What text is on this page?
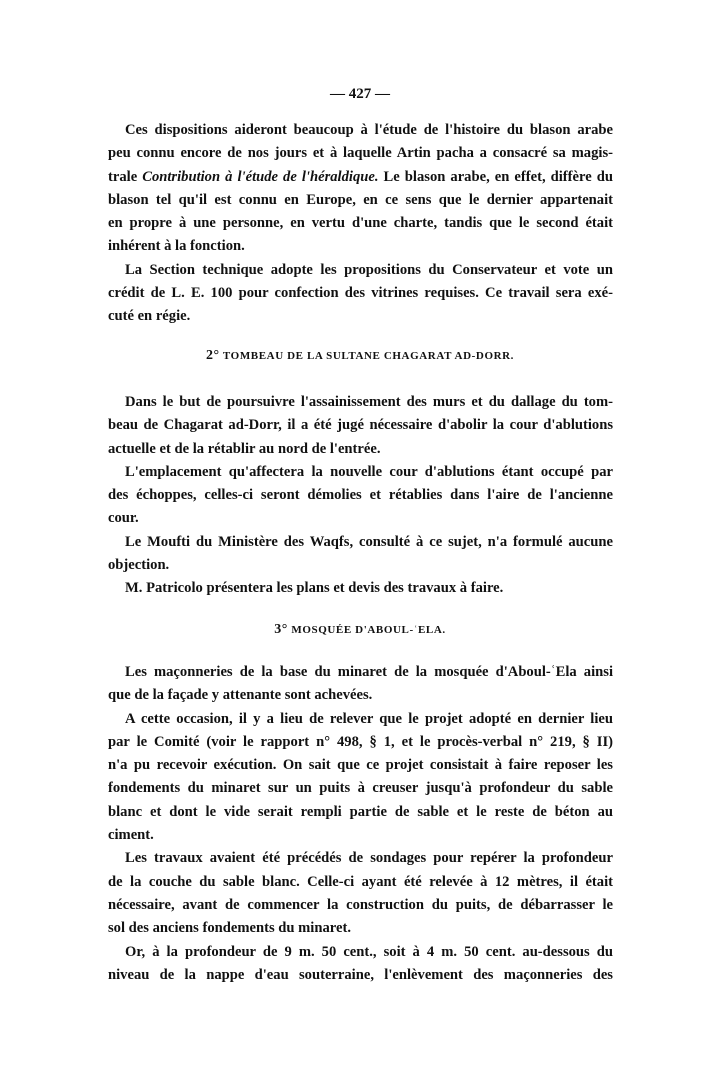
— 427 —
Ces dispositions aideront beaucoup à l'étude de l'histoire du blason arabe
peu connu encore de nos jours et à laquelle Artin pacha a consacré sa magis-
trale Contribution à l'étude de l'héraldique. Le blason arabe, en effet, diffère du
blason tel qu'il est connu en Europe, en ce sens que le dernier appartenait
en propre à une personne, en vertu d'une charte, tandis que le second était
inhérent à la fonction.
La Section technique adopte les propositions du Conservateur et vote un
crédit de L. E. 100 pour confection des vitrines requises. Ce travail sera exé-
cuté en régie.
2° TOMBEAU DE LA SULTANE CHAGARAT AD-DORR.
Dans le but de poursuivre l'assainissement des murs et du dallage du tom-
beau de Chagarat ad-Dorr, il a été jugé nécessaire d'abolir la cour d'ablutions
actuelle et de la rétablir au nord de l'entrée.
L'emplacement qu'affectera la nouvelle cour d'ablutions étant occupé par
des échoppes, celles-ci seront démolies et rétablies dans l'aire de l'ancienne
cour.
Le Moufti du Ministère des Waqfs, consulté à ce sujet, n'a formulé aucune
objection.
M. Patricolo présentera les plans et devis des travaux à faire.
3° MOSQUÉE D'ABOUL-ʿELA.
Les maçonneries de la base du minaret de la mosquée d'Aboul-ʿEla ainsi
que de la façade y attenante sont achevées.
A cette occasion, il y a lieu de relever que le projet adopté en dernier lieu
par le Comité (voir le rapport n° 498, § 1, et le procès-verbal n° 219, § II)
n'a pu recevoir exécution. On sait que ce projet consistait à faire reposer les
fondements du minaret sur un puits à creuser jusqu'à profondeur du sable
blanc et dont le vide serait rempli partie de sable et le reste de béton au
ciment.
Les travaux avaient été précédés de sondages pour repérer la profondeur
de la couche du sable blanc. Celle-ci ayant été relevée à 12 mètres, il était
nécessaire, avant de commencer la construction du puits, de débarrasser le
sol des anciens fondements du minaret.
Or, à la profondeur de 9 m. 50 cent., soit à 4 m. 50 cent. au-dessous du
niveau de la nappe d'eau souterraine, l'enlèvement des maçonneries des
